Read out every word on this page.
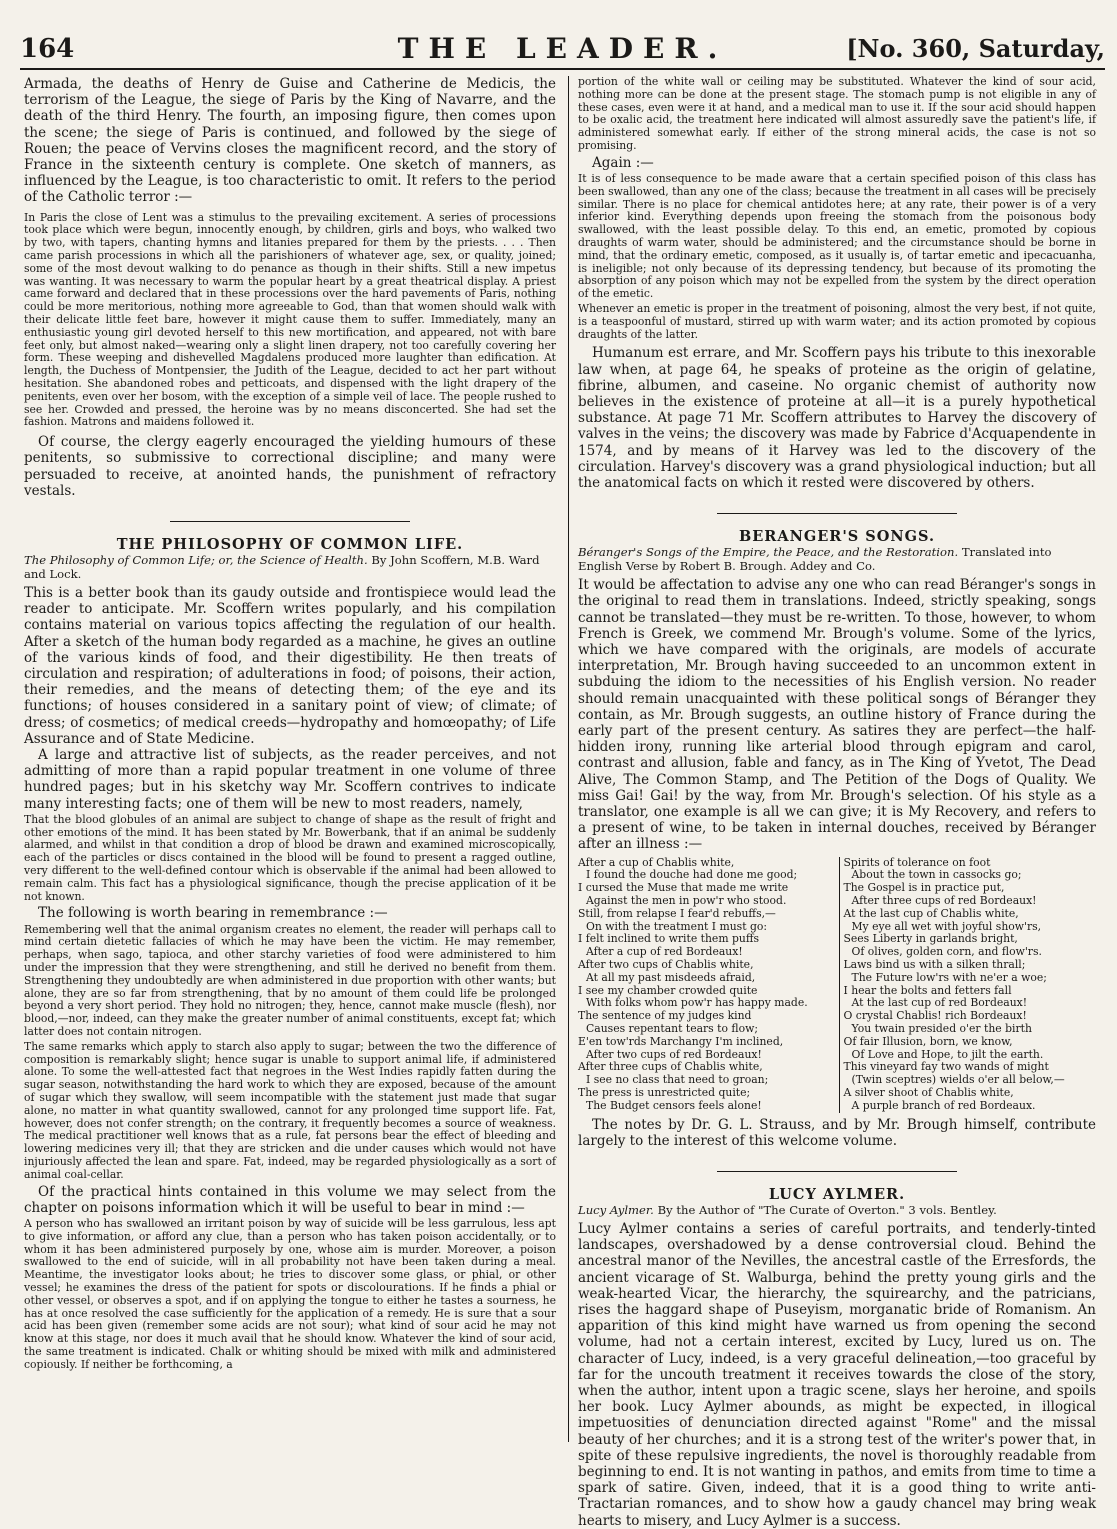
164	THE LEADER.	[No. 360, Saturday,

Armada, the deaths of Henry de Guise and Catherine de Medicis, the terrorism of the League, the siege of Paris by the King of Navarre, and the death of the third Henry. The fourth, an imposing figure, then comes upon the scene; the siege of Paris is continued, and followed by the siege of Rouen; the peace of Vervins closes the magnificent record, and the story of France in the sixteenth century is complete. One sketch of manners, as influenced by the League, is too characteristic to omit. It refers to the period of the Catholic terror :—

In Paris the close of Lent was a stimulus to the prevailing excitement. A series of processions took place which were begun, innocently enough, by children, girls and boys, who walked two by two, with tapers, chanting hymns and litanies prepared for them by the priests. . . . Then came parish processions in which all the parishioners of whatever age, sex, or quality, joined; some of the most devout walking to do penance as though in their shifts. Still a new impetus was wanting. It was necessary to warm the popular heart by a great theatrical display. A priest came forward and declared that in these processions over the hard pavements of Paris, nothing could be more meritorious, nothing more agreeable to God, than that women should walk with their delicate little feet bare, however it might cause them to suffer. Immediately, many an enthusiastic young girl devoted herself to this new mortification, and appeared, not with bare feet only, but almost naked—wearing only a slight linen drapery, not too carefully covering her form. These weeping and dishevelled Magdalens produced more laughter than edification. At length, the Duchess of Montpensier, the Judith of the League, decided to act her part without hesitation. She abandoned robes and petticoats, and dispensed with the light drapery of the penitents, even over her bosom, with the exception of a simple veil of lace. The people rushed to see her. Crowded and pressed, the heroine was by no means disconcerted. She had set the fashion. Matrons and maidens followed it.

Of course, the clergy eagerly encouraged the yielding humours of these penitents, so submissive to correctional discipline; and many were persuaded to receive, at anointed hands, the punishment of refractory vestals.

THE PHILOSOPHY OF COMMON LIFE.

The Philosophy of Common Life; or, the Science of Health. By John Scoffern, M.B. Ward and Lock.

This is a better book than its gaudy outside and frontispiece would lead the reader to anticipate. Mr. Scoffern writes popularly, and his compilation contains material on various topics affecting the regulation of our health. After a sketch of the human body regarded as a machine, he gives an outline of the various kinds of food, and their digestibility. He then treats of circulation and respiration; of adulterations in food; of poisons, their action, their remedies, and the means of detecting them; of the eye and its functions; of houses considered in a sanitary point of view; of climate; of dress; of cosmetics; of medical creeds—hydropathy and homœopathy; of Life Assurance and of State Medicine.

A large and attractive list of subjects, as the reader perceives, and not admitting of more than a rapid popular treatment in one volume of three hundred pages; but in his sketchy way Mr. Scoffern contrives to indicate many interesting facts; one of them will be new to most readers, namely,

That the blood globules of an animal are subject to change of shape as the result of fright and other emotions of the mind. It has been stated by Mr. Bowerbank, that if an animal be suddenly alarmed, and whilst in that condition a drop of blood be drawn and examined microscopically, each of the particles or discs contained in the blood will be found to present a ragged outline, very different to the well-defined contour which is observable if the animal had been allowed to remain calm. This fact has a physiological significance, though the precise application of it be not known.

The following is worth bearing in remembrance :—

Remembering well that the animal organism creates no element, the reader will perhaps call to mind certain dietetic fallacies of which he may have been the victim. He may remember, perhaps, when sago, tapioca, and other starchy varieties of food were administered to him under the impression that they were strengthening, and still he derived no benefit from them. Strengthening they undoubtedly are when administered in due proportion with other wants; but alone, they are so far from strengthening, that by no amount of them could life be prolonged beyond a very short period. They hold no nitrogen; they, hence, cannot make muscle (flesh), nor blood,—nor, indeed, can they make the greater number of animal constituents, except fat; which latter does not contain nitrogen.

The same remarks which apply to starch also apply to sugar; between the two the difference of composition is remarkably slight; hence sugar is unable to support animal life, if administered alone. To some the well-attested fact that negroes in the West Indies rapidly fatten during the sugar season, notwithstanding the hard work to which they are exposed, because of the amount of sugar which they swallow, will seem incompatible with the statement just made that sugar alone, no matter in what quantity swallowed, cannot for any prolonged time support life. Fat, however, does not confer strength; on the contrary, it frequently becomes a source of weakness. The medical practitioner well knows that as a rule, fat persons bear the effect of bleeding and lowering medicines very ill; that they are stricken and die under causes which would not have injuriously affected the lean and spare. Fat, indeed, may be regarded physiologically as a sort of animal coal-cellar.

Of the practical hints contained in this volume we may select from the chapter on poisons information which it will be useful to bear in mind :—

A person who has swallowed an irritant poison by way of suicide will be less garrulous, less apt to give information, or afford any clue, than a person who has taken poison accidentally, or to whom it has been administered purposely by one, whose aim is murder. Moreover, a poison swallowed to the end of suicide, will in all probability not have been taken during a meal. Meantime, the investigator looks about; he tries to discover some glass, or phial, or other vessel; he examines the dress of the patient for spots or discolourations. If he finds a phial or other vessel, or observes a spot, and if on applying the tongue to either he tastes a sourness, he has at once resolved the case sufficiently for the application of a remedy. He is sure that a sour acid has been given (remember some acids are not sour); what kind of sour acid he may not know at this stage, nor does it much avail that he should know. Whatever the kind of sour acid, the same treatment is indicated. Chalk or whiting should be mixed with milk and administered copiously. If neither be forthcoming, a

portion of the white wall or ceiling may be substituted. Whatever the kind of sour acid, nothing more can be done at the present stage. The stomach pump is not eligible in any of these cases, even were it at hand, and a medical man to use it. If the sour acid should happen to be oxalic acid, the treatment here indicated will almost assuredly save the patient's life, if administered somewhat early. If either of the strong mineral acids, the case is not so promising.

Again :—

It is of less consequence to be made aware that a certain specified poison of this class has been swallowed, than any one of the class; because the treatment in all cases will be precisely similar. There is no place for chemical antidotes here; at any rate, their power is of a very inferior kind. Everything depends upon freeing the stomach from the poisonous body swallowed, with the least possible delay. To this end, an emetic, promoted by copious draughts of warm water, should be administered; and the circumstance should be borne in mind, that the ordinary emetic, composed, as it usually is, of tartar emetic and ipecacuanha, is ineligible; not only because of its depressing tendency, but because of its promoting the absorption of any poison which may not be expelled from the system by the direct operation of the emetic.

Whenever an emetic is proper in the treatment of poisoning, almost the very best, if not quite, is a teaspoonful of mustard, stirred up with warm water; and its action promoted by copious draughts of the latter.

Humanum est errare, and Mr. Scoffern pays his tribute to this inexorable law when, at page 64, he speaks of proteine as the origin of gelatine, fibrine, albumen, and caseine. No organic chemist of authority now believes in the existence of proteine at all—it is a purely hypothetical substance. At page 71 Mr. Scoffern attributes to Harvey the discovery of valves in the veins; the discovery was made by Fabrice d'Acquapendente in 1574, and by means of it Harvey was led to the discovery of the circulation. Harvey's discovery was a grand physiological induction; but all the anatomical facts on which it rested were discovered by others.

BERANGER'S SONGS.

Béranger's Songs of the Empire, the Peace, and the Restoration. Translated into English Verse by Robert B. Brough. Addey and Co.

It would be affectation to advise any one who can read Béranger's songs in the original to read them in translations. Indeed, strictly speaking, songs cannot be translated—they must be re-written. To those, however, to whom French is Greek, we commend Mr. Brough's volume. Some of the lyrics, which we have compared with the originals, are models of accurate interpretation, Mr. Brough having succeeded to an uncommon extent in subduing the idiom to the necessities of his English version. No reader should remain unacquainted with these political songs of Béranger they contain, as Mr. Brough suggests, an outline history of France during the early part of the present century. As satires they are perfect—the half-hidden irony, running like arterial blood through epigram and carol, contrast and allusion, fable and fancy, as in The King of Yvetot, The Dead Alive, The Common Stamp, and The Petition of the Dogs of Quality. We miss Gai! Gai! by the way, from Mr. Brough's selection. Of his style as a translator, one example is all we can give; it is My Recovery, and refers to a present of wine, to be taken in internal douches, received by Béranger after an illness :—

After a cup of Chablis white,
I found the douche had done me good;
I cursed the Muse that made me write
Against the men in pow'r who stood.
Still, from relapse I fear'd rebuffs,—
On with the treatment I must go:
I felt inclined to write them puffs
After a cup of red Bordeaux!
After two cups of Chablis white,
At all my past misdeeds afraid,
I see my chamber crowded quite
With folks whom pow'r has happy made.
The sentence of my judges kind
Causes repentant tears to flow;
E'en tow'rds Marchangy I'm inclined,
After two cups of red Bordeaux!
After three cups of Chablis white,
I see no class that need to groan;
The press is unrestricted quite;
The Budget censors feels alone!
Spirits of tolerance on foot
About the town in cassocks go;
The Gospel is in practice put,
After three cups of red Bordeaux!
At the last cup of Chablis white,
My eye all wet with joyful show'rs,
Sees Liberty in garlands bright,
Of olives, golden corn, and flow'rs.
Laws bind us with a silken thrall;
The Future low'rs with ne'er a woe;
I hear the bolts and fetters fall
At the last cup of red Bordeaux!
O crystal Chablis! rich Bordeaux!
You twain presided o'er the birth
Of fair Illusion, born, we know,
Of Love and Hope, to jilt the earth.
This vineyard fay two wands of might
(Twin sceptres) wields o'er all below,—
A silver shoot of Chablis white,
A purple branch of red Bordeaux.

The notes by Dr. G. L. Strauss, and by Mr. Brough himself, contribute largely to the interest of this welcome volume.

LUCY AYLMER.

Lucy Aylmer. By the Author of "The Curate of Overton." 3 vols. Bentley.

Lucy Aylmer contains a series of careful portraits, and tenderly-tinted landscapes, overshadowed by a dense controversial cloud. Behind the ancestral manor of the Nevilles, the ancestral castle of the Erresfords, the ancient vicarage of St. Walburga, behind the pretty young girls and the weak-hearted Vicar, the hierarchy, the squirearchy, and the patricians, rises the haggard shape of Puseyism, morganatic bride of Romanism. An apparition of this kind might have warned us from opening the second volume, had not a certain interest, excited by Lucy, lured us on. The character of Lucy, indeed, is a very graceful delineation,—too graceful by far for the uncouth treatment it receives towards the close of the story, when the author, intent upon a tragic scene, slays her heroine, and spoils her book. Lucy Aylmer abounds, as might be expected, in illogical impetuosities of denunciation directed against "Rome" and the missal beauty of her churches; and it is a strong test of the writer's power that, in spite of these repulsive ingredients, the novel is thoroughly readable from beginning to end. It is not wanting in pathos, and emits from time to time a spark of satire. Given, indeed, that it is a good thing to write anti-Tractarian romances, and to show how a gaudy chancel may bring weak hearts to misery, and Lucy Aylmer is a success.
